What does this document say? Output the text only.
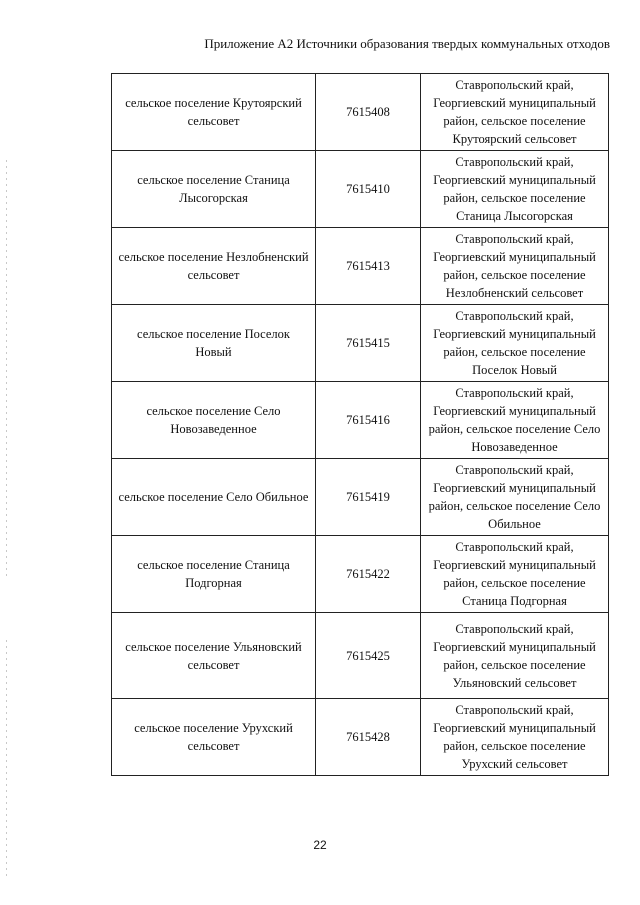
Приложение А2 Источники образования твердых коммунальных отходов
сельское поселение Крутоярский сельсовет	7615408	Ставропольский край, Георгиевский муниципальный район, сельское поселение Крутоярский сельсовет
сельское поселение Станица Лысогорская	7615410	Ставропольский край, Георгиевский муниципальный район, сельское поселение Станица Лысогорская
сельское поселение Незлобненский сельсовет	7615413	Ставропольский край, Георгиевский муниципальный район, сельское поселение Незлобненский сельсовет
сельское поселение Поселок Новый	7615415	Ставропольский край, Георгиевский муниципальный район, сельское поселение Поселок Новый
сельское поселение Село Новозаведенное	7615416	Ставропольский край, Георгиевский муниципальный район, сельское поселение Село Новозаведенное
сельское поселение Село Обильное	7615419	Ставропольский край, Георгиевский муниципальный район, сельское поселение Село Обильное
сельское поселение Станица Подгорная	7615422	Ставропольский край, Георгиевский муниципальный район, сельское поселение Станица Подгорная
сельское поселение Ульяновский сельсовет	7615425	Ставропольский край, Георгиевский муниципальный район, сельское поселение Ульяновский сельсовет
сельское поселение Урухский сельсовет	7615428	Ставропольский край, Георгиевский муниципальный район, сельское поселение Урухский сельсовет
22
